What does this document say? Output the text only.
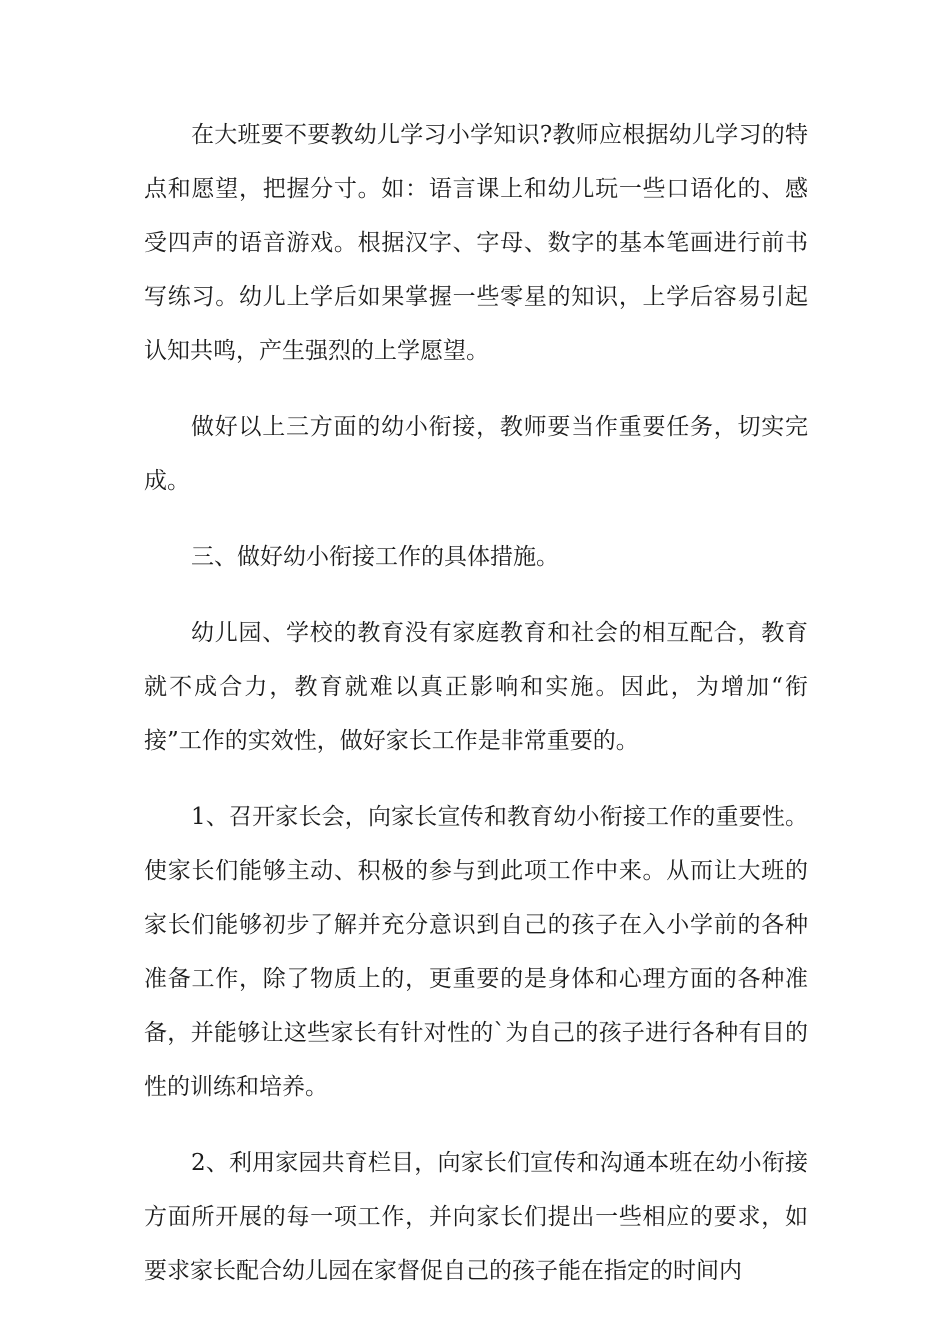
在大班要不要教幼儿学习小学知识?教师应根据幼儿学习的特点和愿望，把握分寸。如：语言课上和幼儿玩一些口语化的、感受四声的语音游戏。根据汉字、字母、数字的基本笔画进行前书写练习。幼儿上学后如果掌握一些零星的知识，上学后容易引起认知共鸣，产生强烈的上学愿望。

做好以上三方面的幼小衔接，教师要当作重要任务，切实完成。

三、做好幼小衔接工作的具体措施。

幼儿园、学校的教育没有家庭教育和社会的相互配合，教育就不成合力，教育就难以真正影响和实施。因此，为增加“衔接”工作的实效性，做好家长工作是非常重要的。

1、召开家长会，向家长宣传和教育幼小衔接工作的重要性。使家长们能够主动、积极的参与到此项工作中来。从而让大班的家长们能够初步了解并充分意识到自己的孩子在入小学前的各种准备工作，除了物质上的，更重要的是身体和心理方面的各种准备，并能够让这些家长有针对性的`为自己的孩子进行各种有目的性的训练和培养。

2、利用家园共育栏目，向家长们宣传和沟通本班在幼小衔接方面所开展的每一项工作，并向家长们提出一些相应的要求，如要求家长配合幼儿园在家督促自己的孩子能在指定的时间内
